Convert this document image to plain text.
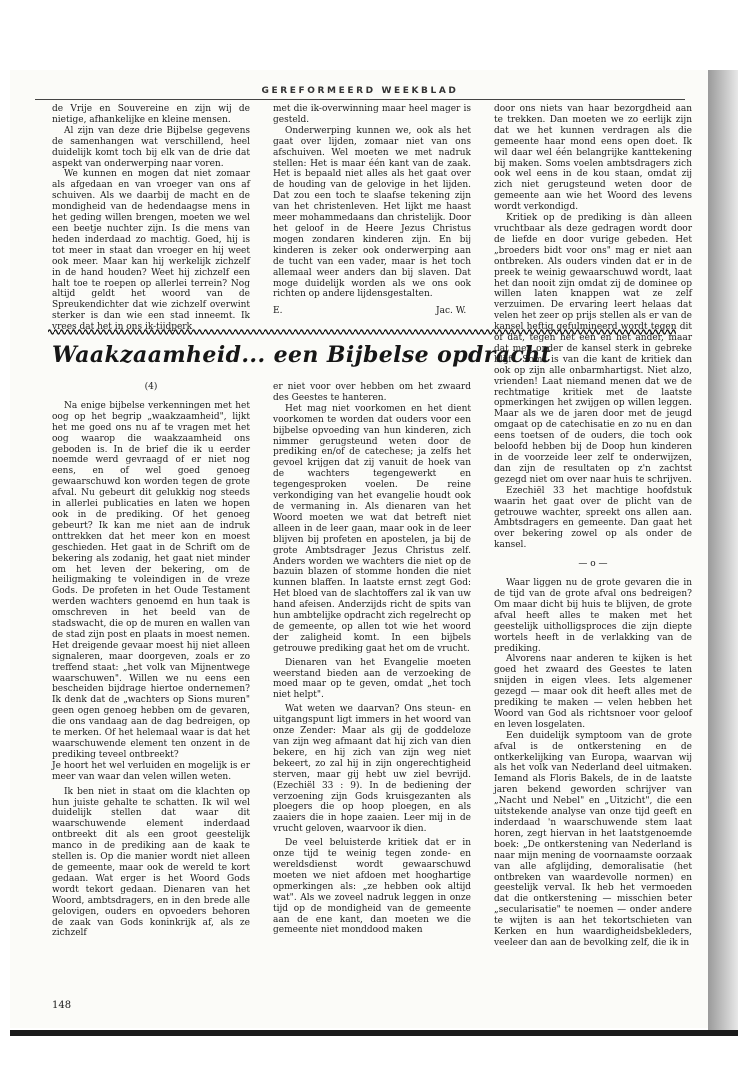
GEREFORMEERD WEEKBLAD

de Vrije en Souvereine en zijn wij de nietige, afhankelijke en kleine mensen.

Al zijn van deze drie Bijbelse gegevens de samenhangen wat verschillend, heel duidelijk komt toch bij elk van de drie dat aspekt van onderwerping naar voren.

We kunnen en mogen dat niet zomaar als afgedaan en van vroeger van ons af schuiven. Als we daarbij de macht en de mondigheid van de hedendaagse mens in het geding willen brengen, moeten we wel een beetje nuchter zijn. Is die mens van heden inderdaad zo machtig. Goed, hij is tot meer in staat dan vroeger en hij weet ook meer. Maar kan hij werkelijk zichzelf in de hand houden? Weet hij zichzelf een halt toe te roepen op allerlei terrein? Nog altijd geldt het woord van de Spreukendichter dat wie zichzelf overwint sterker is dan wie een stad inneemt. Ik

met die ik-overwinning maar heel mager is gesteld.

Onderwerping kunnen we, ook als het gaat over lijden, zomaar niet van ons afschuiven. Wel moeten we met nadruk stellen: Het is maar één kant van de zaak. Het is bepaald niet alles als het gaat over de houding van de gelovige in het lijden. Dat zou een toch te slaafse tekening zijn van het christenleven. Het lijkt me haast meer mohammedaans dan christelijk. Door het geloof in de Heere Jezus Christus mogen zondaren kinderen zijn. En bij kinderen is zeker ook onderwerping aan de tucht van een vader, maar is het toch allemaal weer anders dan bij slaven. Dat moge duidelijk worden als we ons ook richten op andere lijdensgestalten.

E.	Jac. W.
Waakzaamheid... een Bijbelse opdracht

(4)

Na enige bijbelse verkenningen met het oog op het begrip „waakzaamheid", lijkt het me goed ons nu af te vragen met het oog waarop die waakzaamheid ons geboden is. In de brief die ik u eerder noemde werd gevraagd of er niet nog eens, en of wel goed genoeg gewaarschuwd kon worden tegen de grote afval. Nu gebeurt dit gelukkig nog steeds in allerlei publicaties en laten we hopen ook in de prediking. Of het genoeg gebeurt? Ik kan me niet aan de indruk onttrekken dat het meer kon en moest geschieden. Het gaat in de Schrift om de bekering als zodanig, het gaat niet minder om het leven der bekering, om de heiligmaking te voleindigen in de vreze Gods. De profeten in het Oude Testament werden wachters genoemd en hun taak is omschreven in het beeld van de stadswacht, die op de muren en wallen van de stad zijn post en plaats in moest nemen. Het dreigende gevaar moest hij niet alleen signaleren, maar doorgeven, zoals er zo treffend staat: „het volk van Mijnentwege waarschuwen". Willen we nu eens een bescheiden bijdrage hiertoe ondernemen? Ik denk dat de „wachters op Sions muren" geen ogen genoeg hebben om de gevaren, die ons vandaag aan de dag bedreigen, op te merken. Of het helemaal waar is dat het waarschuwende element ten onzent in de prediking teveel ontbreekt?

Je hoort het wel verluiden en mogelijk is er meer van waar dan velen willen weten.

Ik ben niet in staat om die klachten op hun juiste gehalte te schatten. Ik wil wel duidelijk stellen dat waar dit waarschuwende element inderdaad ontbreekt dit als een groot geestelijk manco in de prediking aan de kaak te stellen is. Op die manier wordt niet alleen de gemeente, maar ook de wereld te kort gedaan. Wat erger is het Woord Gods wordt tekort gedaan. Dienaren van het Woord, ambtsdragers, en in den brede alle gelovigen, ouders en opvoeders behoren de zaak van Gods koninkrijk af, als ze zichzelf

er niet voor over hebben om het zwaard des Geestes te hanteren.

Het mag niet voorkomen en het dient voorkomen te worden dat ouders voor een bijbelse opvoeding van hun kinderen, zich nimmer gerugsteund weten door de prediking en/of de catechese; ja zelfs het gevoel krijgen dat zij vanuit de hoek van de wachters tegengewerkt en tegengesproken voelen. De reine verkondiging van het evangelie houdt ook de vermaning in. Als dienaren van het Woord moeten we wat dat betreft niet alleen in de leer gaan, maar ook in de leer blijven bij profeten en apostelen, ja bij de grote Ambtsdrager Jezus Christus zelf. Anders worden we wachters die niet op de bazuin blazen of stomme honden die niet kunnen blaffen. In laatste ernst zegt God: Het bloed van de slachtoffers zal ik van uw hand afeisen. Anderzijds richt de spits van hun ambtelijke opdracht zich regelrecht op de gemeente, op allen tot wie het woord der zaligheid komt. In een bijbels getrouwe prediking gaat het om de vrucht.

Dienaren van het Evangelie moeten weerstand bieden aan de verzoeking de moed maar op te geven, omdat „het toch niet helpt".

Wat weten we daarvan? Ons steun- en uitgangspunt ligt immers in het woord van onze Zender: Maar als gij de goddeloze van zijn weg afmaant dat hij zich van dien bekere, en hij zich van zijn weg niet bekeert, zo zal hij in zijn ongerechtigheid sterven, maar gij hebt uw ziel bevrijd. (Ezechiël 33 : 9). In de bediening der verzoening zijn Gods kruisgezanten als ploegers die op hoop ploegen, en als zaaiers die in hope zaaien. Leer mij in de vrucht geloven, waarvoor ik dien.

De veel beluisterde kritiek dat er in onze tijd te weinig tegen zonde- en wereldsdienst wordt gewaarschuwd moeten we niet afdoen met hooghartige opmerkingen als: „ze hebben ook altijd wat". Als we zoveel nadruk leggen in onze tijd op de mondigheid van de gemeente aan de ene kant, dan moeten we die gemeente niet monddood maken

door ons niets van haar bezorgdheid aan te trekken. Dan moeten we zo eerlijk zijn dat we het kunnen verdragen als die gemeente haar mond eens open doet. Ik wil daar wel één belangrijke kanttekening bij maken. Soms voelen ambtsdragers zich ook wel eens in de kou staan, omdat zij zich niet gerugsteund weten door de gemeente aan wie het Woord des levens wordt verkondigd.

Kritiek op de prediking is dàn alleen vruchtbaar als deze gedragen wordt door de liefde en door vurige gebeden. Het „broeders bidt voor ons" mag er niet aan ontbreken. Als ouders vinden dat er in de preek te weinig gewaarschuwd wordt, laat het dan nooit zijn omdat zij de dominee op willen laten knappen wat ze zelf verzuimen. De ervaring leert helaas dat velen het zeer op prijs stellen als er van de kansel heftig gefulmineerd wordt tegen dit of dat, tegen het een en het ander, maar dat men onder de kansel sterk in gebreke blijft. Soms is van die kant de kritiek dan ook op zijn alle onbarmhartigst. Niet alzo, vrienden! Laat niemand menen dat we de rechtmatige kritiek met de laatste opmerkingen het zwijgen op willen leggen. Maar als we de jaren door met de jeugd omgaat op de catechisatie en zo nu en dan eens toetsen of de ouders, die toch ook beloofd hebben bij de Doop hun kinderen in de voorzeide leer zelf te onderwijzen, dan zijn de resultaten op z'n zachtst gezegd niet om over naar huis te schrijven.

Ezechiël 33 het machtige hoofdstuk waarin het gaat over de plicht van de getrouwe wachter, spreekt ons allen aan. Ambtsdragers en gemeente. Dan gaat het over bekering zowel op als onder de kansel.

— o —

Waar liggen nu de grote gevaren die in de tijd van de grote afval ons bedreigen? Om maar dicht bij huis te blijven, de grote afval heeft alles te maken met het geestelijk uitholligsproces die zijn diepte wortels heeft in de verlakking van de prediking.

Alvorens naar anderen te kijken is het goed het zwaard des Geestes te laten snijden in eigen vlees. Iets algemener gezegd — maar ook dit heeft alles met de prediking te maken — velen hebben het Woord van God als richtsnoer voor geloof en leven losgelaten.

Een duidelijk symptoom van de grote afval is de ontkerstening en de ontkerkelijking van Europa, waarvan wij als het volk van Nederland deel uitmaken. Iemand als Floris Bakels, de in de laatste jaren bekend geworden schrijver van „Nacht und Nebel" en „Uitzicht", die een uitstekende analyse van onze tijd geeft en inderdaad 'n waarschuwende stem laat horen, zegt hiervan in het laatstgenoemde boek: „De ontkerstening van Nederland is naar mijn mening de voornaamste oorzaak van alle afglijding, demoralisatie (het ontbreken van waardevolle normen) en geestelijk verval. Ik heb het vermoeden dat die ontkerstening — misschien beter „secularisatie" te noemen — onder andere te wijten is aan het tekortschieten van Kerken en hun waardigheidsbekleders, veeleer dan aan de bevolking zelf, die ik in

148
